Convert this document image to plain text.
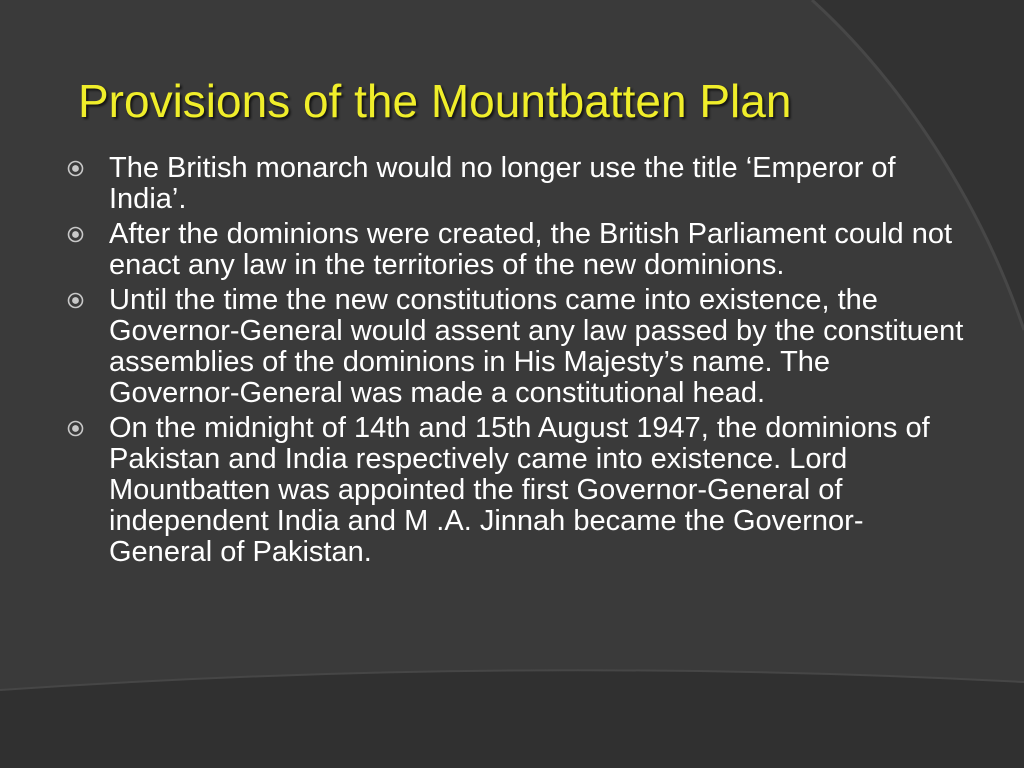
Provisions of the Mountbatten Plan
The British monarch would no longer use the title ‘Emperor of India’.
After the dominions were created, the British Parliament could not enact any law in the territories of the new dominions.
Until the time the new constitutions came into existence, the Governor-General would assent any law passed by the constituent assemblies of the dominions in His Majesty’s name. The Governor-General was made a constitutional head.
On the midnight of 14th and 15th August 1947, the dominions of Pakistan and India respectively came into existence. Lord Mountbatten was appointed the first Governor-General of independent India and M .A. Jinnah became the Governor-General of Pakistan.
